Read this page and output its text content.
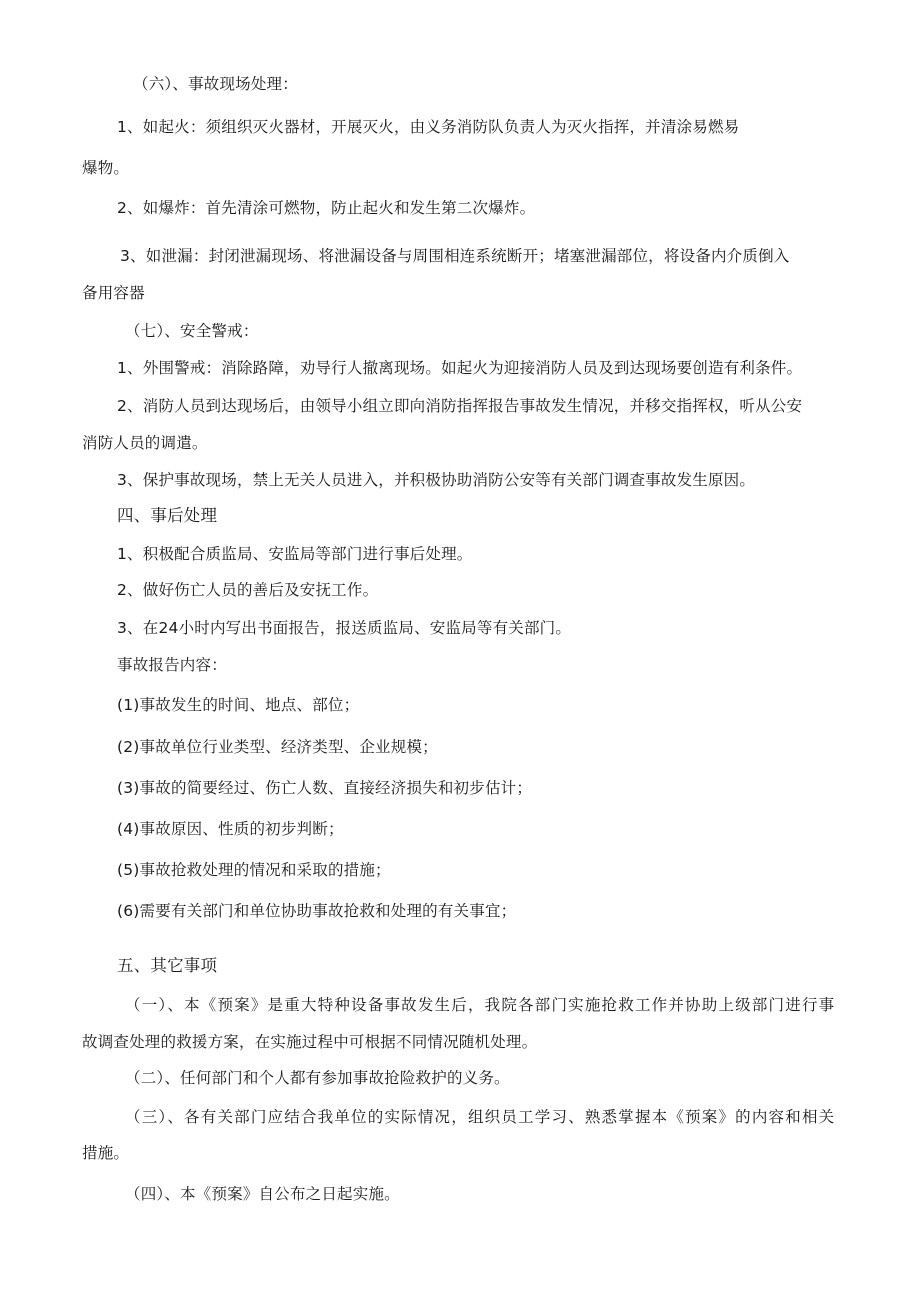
（六）、事故现场处理：
1、如起火：须组织灭火器材，开展灭火，由义务消防队负责人为灭火指挥，并清涂易燃易
爆物。
2、如爆炸：首先清涂可燃物，防止起火和发生第二次爆炸。
3、如泄漏：封闭泄漏现场、将泄漏设备与周围相连系统断开；堵塞泄漏部位，将设备内介质倒入
备用容器
（七）、安全警戒：
1、外围警戒：消除路障，劝导行人撤离现场。如起火为迎接消防人员及到达现场要创造有利条件。
2、消防人员到达现场后，由领导小组立即向消防指挥报告事故发生情况，并移交指挥权，听从公安
消防人员的调遣。
3、保护事故现场，禁上无关人员进入，并积极协助消防公安等有关部门调查事故发生原因。
四、事后处理
1、积极配合质监局、安监局等部门进行事后处理。
2、做好伤亡人员的善后及安抚工作。
3、在24小时内写出书面报告，报送质监局、安监局等有关部门。
事故报告内容：
(1)事故发生的时间、地点、部位；
(2)事故单位行业类型、经济类型、企业规模；
(3)事故的简要经过、伤亡人数、直接经济损失和初步估计；
(4)事故原因、性质的初步判断；
(5)事故抢救处理的情况和采取的措施；
(6)需要有关部门和单位协助事故抢救和处理的有关事宜；
五、其它事项
（一）、本《预案》是重大特种设备事故发生后，我院各部门实施抢救工作并协助上级部门进行事
故调查处理的救援方案，在实施过程中可根据不同情况随机处理。
（二）、任何部门和个人都有参加事故抢险救护的义务。
（三）、各有关部门应结合我单位的实际情况，组织员工学习、熟悉掌握本《预案》的内容和相关
措施。
（四）、本《预案》自公布之日起实施。
